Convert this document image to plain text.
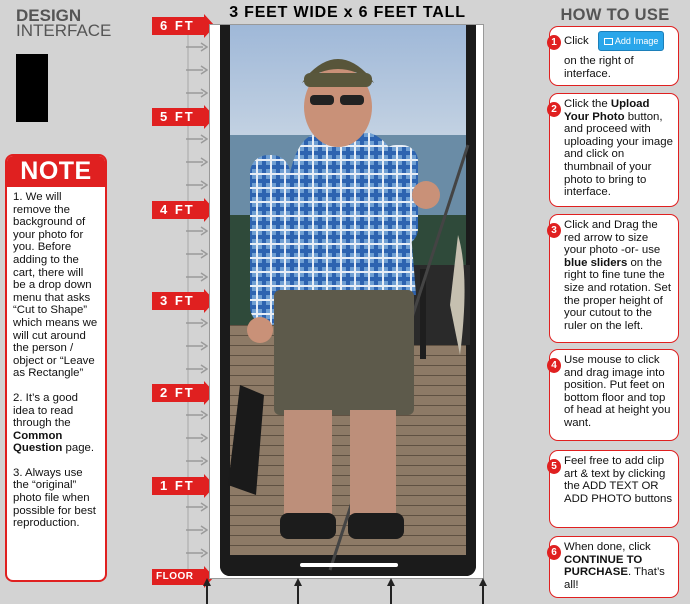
DESIGN
INTERFACE
NOTE

1. We will remove the background of your photo for you. Before adding to the cart, there will be a drop down menu that asks “Cut to Shape” which means we will cut around the person / object or “Leave as Rectangle”

2. It’s a good idea to read through the Common Question page.

3. Always use the “original” photo file when possible for best reproduction.

6 FT
5 FT
4 FT
3 FT
2 FT
1 FT
FLOOR
3 FEET WIDE x 6 FEET TALL	HOW TO USE
1 Click	Add Image
on the right of interface.
2 Click the Upload Your Photo button, and proceed with uploading your image and click on thumbnail of your photo to bring to interface.
3 Click and Drag the red arrow to size your photo -or- use blue sliders on the right to fine tune the size and rotation. Set the proper height of your cutout to the ruler on the left.
4 Use mouse to click and drag image into position. Put feet on bottom floor and top of head at height you want.
5 Feel free to add clip art & text by clicking the ADD TEXT OR ADD PHOTO buttons
6 When done, click CONTINUE TO PURCHASE. That’s all!
